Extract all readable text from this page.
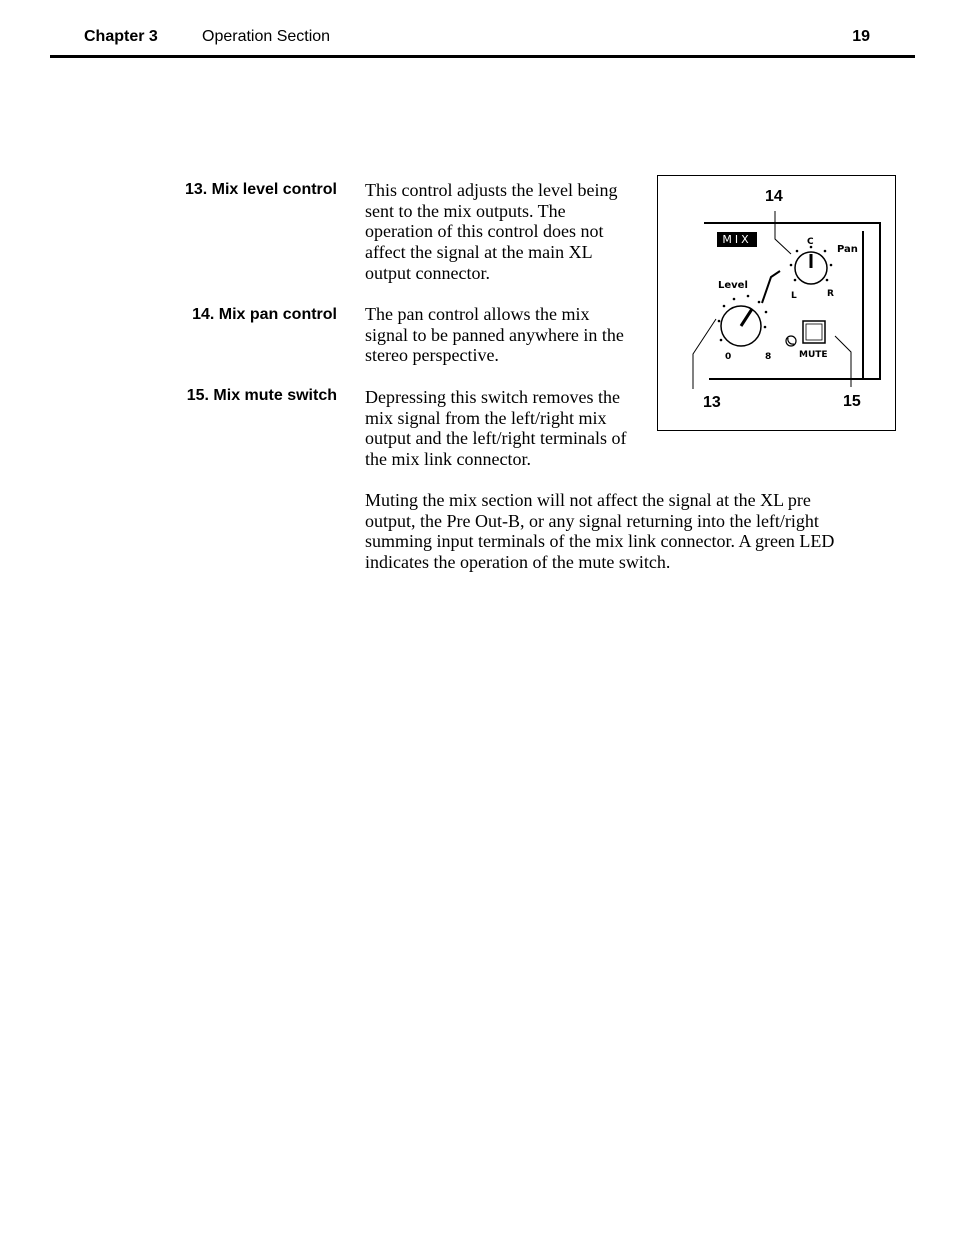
Chapter 3	Operation Section	19
13. Mix level control This control adjusts the level being
sent to the mix outputs. The
operation of this control does not
affect the signal at the main XL
output connector.
14. Mix pan control The pan control allows the mix
signal to be panned anywhere in the
stereo perspective.
15. Mix mute switch Depressing this switch removes the
mix signal from the left/right mix
output and the left/right terminals of
the mix link connector.
Muting the mix section will not affect the signal at the XL pre
output, the Pre Out-B, or any signal returning into the left/right
summing input terminals of the mix link connector. A green LED
indicates the operation of the mute switch.
14
13	15
MIX	C
Pan
L	R
Level
0	8	MUTE
